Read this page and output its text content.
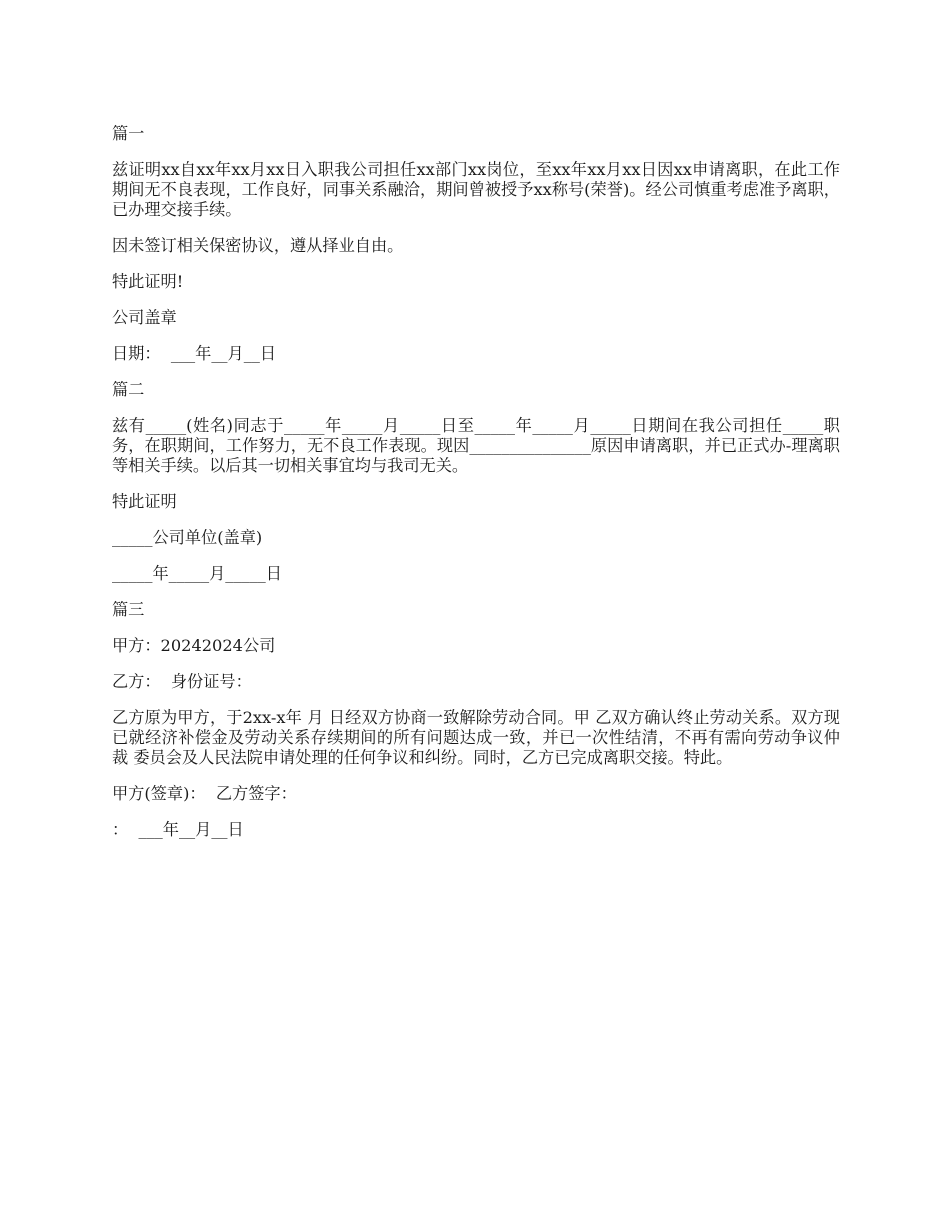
篇一

兹证明xx自xx年xx月xx日入职我公司担任xx部门xx岗位，至xx年xx月xx日因xx申请离职，在此工作期间无不良表现，工作良好，同事关系融洽，期间曾被授予xx称号(荣誉)。经公司慎重考虑准予离职，已办理交接手续。

因未签订相关保密协议，遵从择业自由。

特此证明!

公司盖章

日期：  ___年__月__日

篇二

兹有_____(姓名)同志于_____年_____月_____日至_____年_____月_____日期间在我公司担任_____职务，在职期间，工作努力，无不良工作表现。现因_______________原因申请离职，并已正式办-理离职等相关手续。以后其一切相关事宜均与我司无关。

特此证明

_____公司单位(盖章)

_____年_____月_____日

篇三

甲方：20242024公司

乙方：  身份证号：

乙方原为甲方，于2xx-x年 月 日经双方协商一致解除劳动合同。甲 乙双方确认终止劳动关系。双方现已就经济补偿金及劳动关系存续期间的所有问题达成一致，并已一次性结清，不再有需向劳动争议仲裁 委员会及人民法院申请处理的任何争议和纠纷。同时，乙方已完成离职交接。特此。

甲方(签章)：  乙方签字：

：  ___年__月__日
